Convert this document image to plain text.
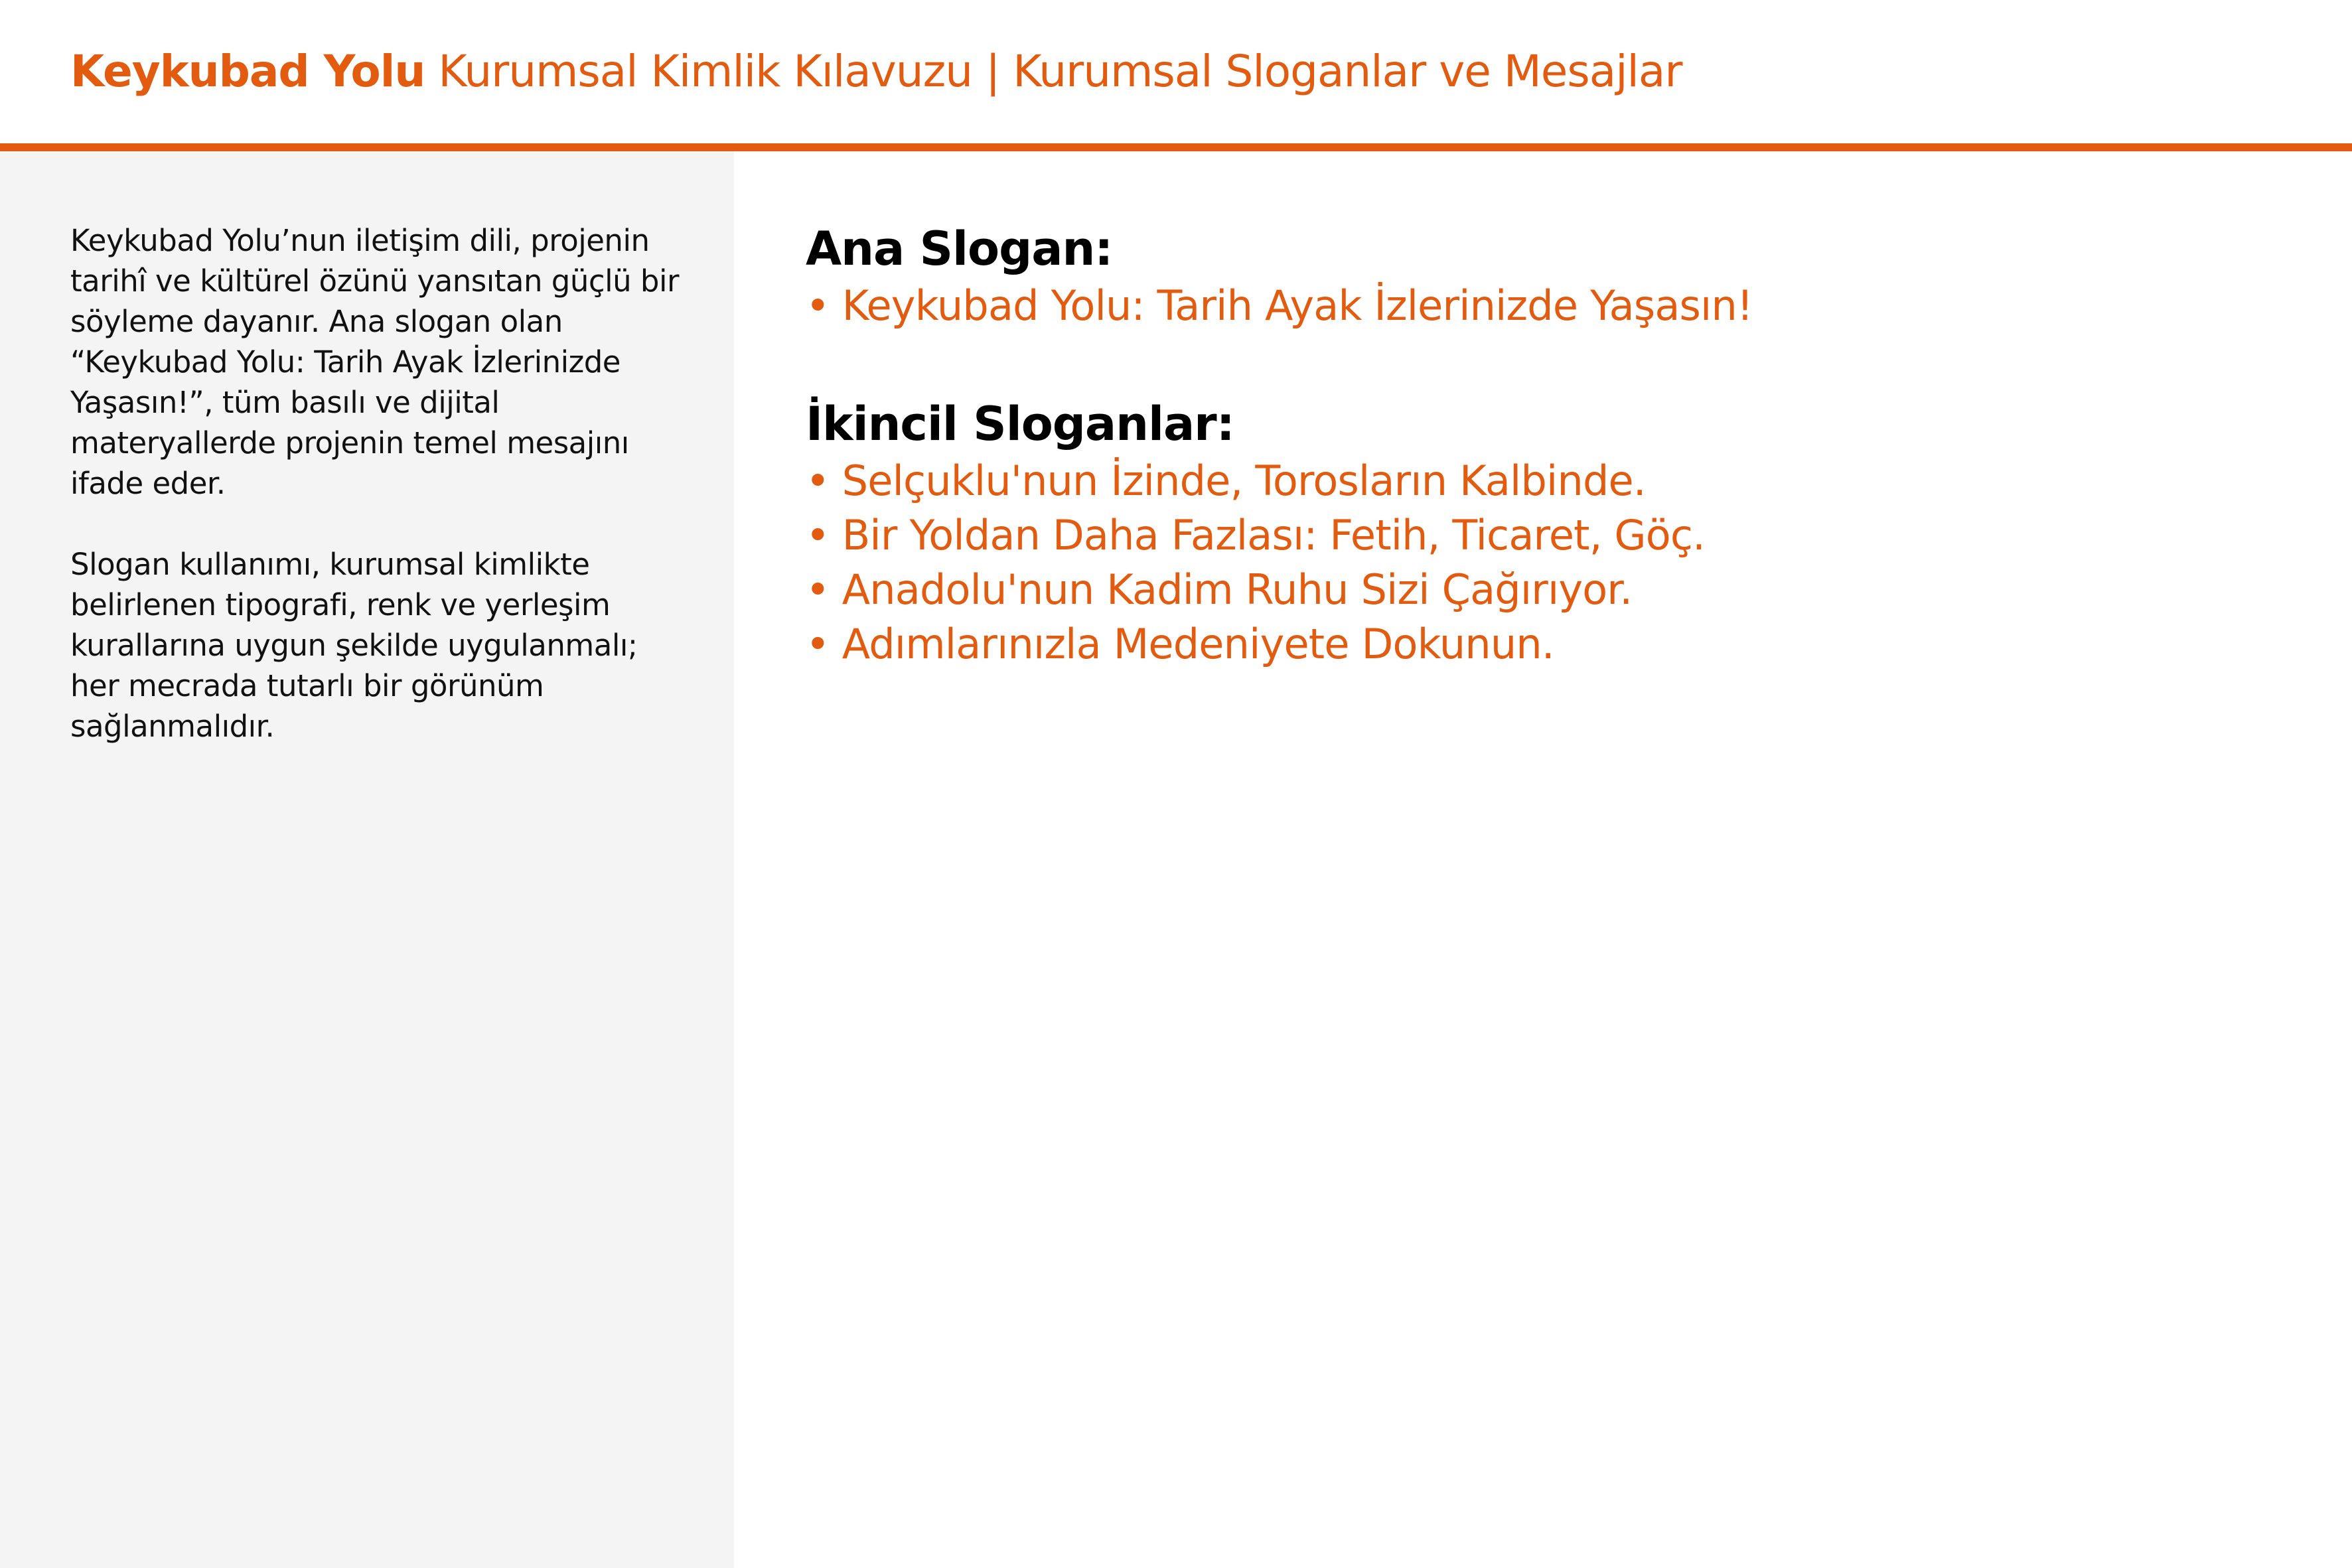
Keykubad Yolu Kurumsal Kimlik Kılavuzu | Kurumsal Sloganlar ve Mesajlar

Keykubad Yolu’nun iletişim dili, projenin tarihî ve kültürel özünü yansıtan güçlü bir söyleme dayanır. Ana slogan olan “Keykubad Yolu: Tarih Ayak İzlerinizde Yaşasın!”, tüm basılı ve dijital materyallerde projenin temel mesajını ifade eder.

Slogan kullanımı, kurumsal kimlikte belirlenen tipografi, renk ve yerleşim kurallarına uygun şekilde uygulanmalı; her mecrada tutarlı bir görünüm sağlanmalıdır.

Ana Slogan:
• Keykubad Yolu: Tarih Ayak İzlerinizde Yaşasın!
İkincil Sloganlar:
• Selçuklu'nun İzinde, Torosların Kalbinde.
• Bir Yoldan Daha Fazlası: Fetih, Ticaret, Göç.
• Anadolu'nun Kadim Ruhu Sizi Çağırıyor.
• Adımlarınızla Medeniyete Dokunun.
